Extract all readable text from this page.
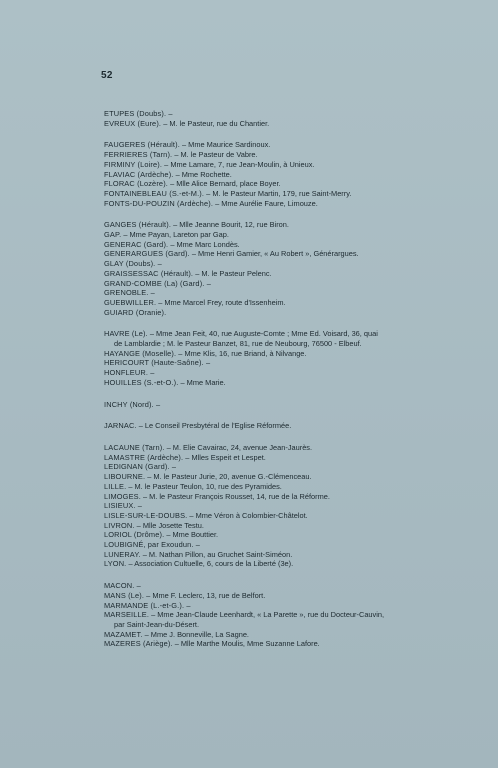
52
ETUPES (Doubs). –
EVREUX (Eure). – M. le Pasteur, rue du Chantier.
FAUGERES (Hérault). – Mme Maurice Sardinoux.
FERRIERES (Tarn). – M. le Pasteur de Vabre.
FIRMINY (Loire). – Mme Lamare, 7, rue Jean-Moulin, à Unieux.
FLAVIAC (Ardèche). – Mme Rochette.
FLORAC (Lozère). – Mlle Alice Bernard, place Boyer.
FONTAINEBLEAU (S.-et-M.). – M. le Pasteur Martin, 179, rue Saint-Merry.
FONTS-DU-POUZIN (Ardèche). – Mme Aurélie Faure, Limouze.
GANGES (Hérault). – Mlle Jeanne Bourit, 12, rue Biron.
GAP. – Mme Payan, Lareton par Gap.
GENERAC (Gard). – Mme Marc Londès.
GENERARGUES (Gard). – Mme Henri Gamier, « Au Robert », Générargues.
GLAY (Doubs). –
GRAISSESSAC (Hérault). – M. le Pasteur Pelenc.
GRAND-COMBE (La) (Gard). –
GRENOBLE. –
GUEBWILLER. – Mme Marcel Frey, route d'Issenheim.
GUIARD (Oranie).
HAVRE (Le). – Mme Jean Feit, 40, rue Auguste-Comte ; Mme Ed. Voisard, 36, quai
de Lamblardie ; M. le Pasteur Banzet, 81, rue de Neubourg, 76500 - Elbeuf.
HAYANGE (Moselle). – Mme Klis, 16, rue Briand, à Nilvange.
HERICOURT (Haute-Saône). –
HONFLEUR. –
HOUILLES (S.-et-O.). – Mme Marie.
INCHY (Nord). –
JARNAC. – Le Conseil Presbytéral de l'Eglise Réformée.
LACAUNE (Tarn). – M. Elie Cavairac, 24, avenue Jean-Jaurès.
LAMASTRE (Ardèche). – Mlles Espeit et Lespet.
LEDIGNAN (Gard). –
LIBOURNE. – M. le Pasteur Jurie, 20, avenue G.-Clémenceau.
LILLE. – M. le Pasteur Teulon, 10, rue des Pyramides.
LIMOGES. – M. le Pasteur François Rousset, 14, rue de la Réforme.
LISIEUX. –
LISLE-SUR-LE-DOUBS. – Mme Véron à Colombier-Châtelot.
LIVRON. – Mlle Josette Testu.
LORIOL (Drôme). – Mme Bouttier.
LOUBIGNÉ, par Exoudun. –
LUNERAY. – M. Nathan Pillon, au Gruchet Saint-Siméon.
LYON. – Association Cultuelle, 6, cours de la Liberté (3e).
MACON. –
MANS (Le). – Mme F. Leclerc, 13, rue de Belfort.
MARMANDE (L.-et-G.). –
MARSEILLE. – Mme Jean-Claude Leenhardt, « La Parette », rue du Docteur-Cauvin,
par Saint-Jean-du-Désert.
MAZAMET. – Mme J. Bonneville, La Sagne.
MAZERES (Ariège). – Mlle Marthe Moulis, Mme Suzanne Lafore.
